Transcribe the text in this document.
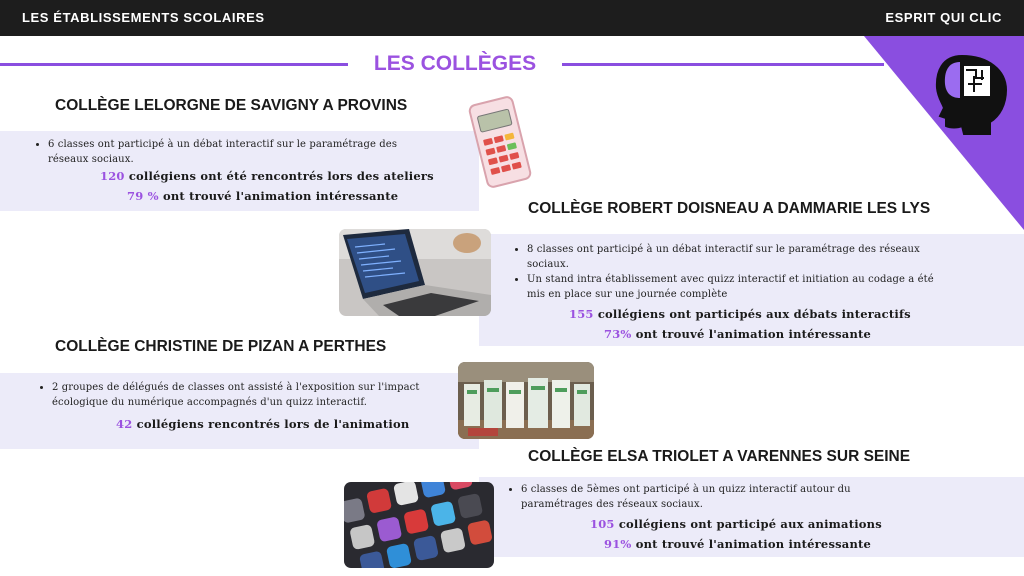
LES ÉTABLISSEMENTS SCOLAIRES	ESPRIT QUI CLIC
LES COLLÈGES
COLLÈGE LELORGNE DE SAVIGNY A PROVINS
• 6 classes ont participé à un débat interactif sur le paramétrage des réseaux sociaux.
120 collégiens ont été rencontrés lors des ateliers
79 % ont trouvé l'animation intéressante
COLLÈGE ROBERT DOISNEAU A DAMMARIE LES LYS
• 8 classes ont participé à un débat interactif sur le paramétrage des réseaux sociaux.
• Un stand intra établissement avec quizz interactif et initiation au codage a été mis en place sur une journée complète
155 collégiens ont participés aux débats interactifs
73% ont trouvé l'animation intéressante
COLLÈGE CHRISTINE DE PIZAN A PERTHES
• 2 groupes de délégués de classes ont assisté à l'exposition sur l'impact écologique du numérique accompagnés d'un quizz interactif.
42 collégiens rencontrés lors de l'animation
COLLÈGE ELSA TRIOLET A VARENNES SUR SEINE
• 6 classes de 5èmes ont participé à un quizz interactif autour du paramétrages des réseaux sociaux.
105 collégiens ont participé aux animations
91% ont trouvé l'animation intéressante
